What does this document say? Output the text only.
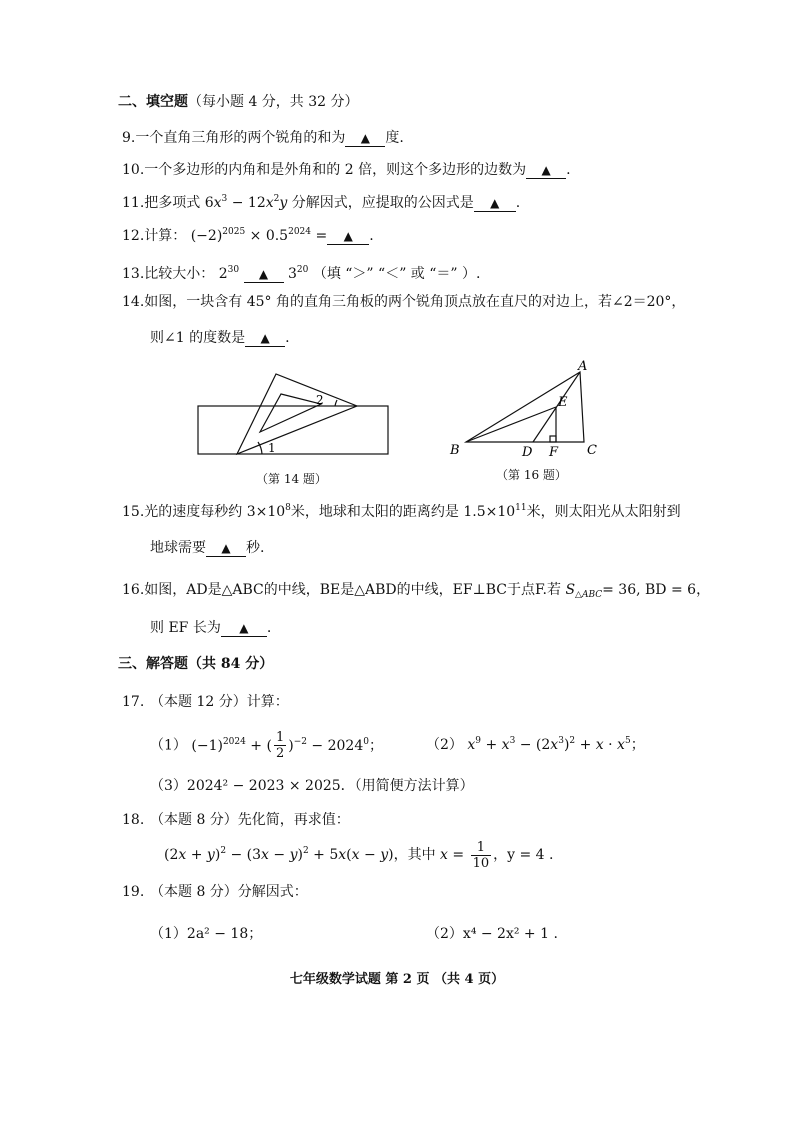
二、填空题（每小题 4 分，共 32 分）
9.一个直角三角形的两个锐角的和为 ▲ 度.
10.一个多边形的内角和是外角和的 2 倍，则这个多边形的边数为 ▲ .
11.把多项式 $6x^3 - 12x^2y$ 分解因式，应提取的公因式是 ▲ .
12.计算： $(-2)^{2025} \times 0.5^{2024}$ = ▲ .
13.比较大小： $2^{30}$ ▲ $3^{20}$ （填 “＞” “＜” 或 “＝” ）.
14.如图，一块含有 45° 角的直角三角板的两个锐角顶点放在直尺的对边上，若∠2＝20°，
则∠1 的度数是 ▲ .
1
2
（第 14 题）
A
B	C
D
E
F
（第 16 题）
15.光的速度每秒约 $3\times 10^8$米，地球和太阳的距离约是 $1.5\times 10^{11}$米，则太阳光从太阳射到
地球需要 ▲ 秒.
16.如图，AD是△ABC的中线，BE是△ABD的中线，EF⊥BC于点F.若 $S_{\triangle ABC}= 36$, BD = 6，
则 EF 长为 ▲ .
三、解答题（共 84 分）
17. （本题 12 分）计算：
（1） $(-1)^{2024}$ + ( $\frac{1}{2} )^{-2} - 2024^0$；	（2） $x^9 + x^3 - (2x^3)^2 + x \cdot x^5$；
（3）2024² − 2023 × 2025．（用简便方法计算）
18. （本题 8 分）先化简，再求值：
$(2x + y)^2 - (3x - y)^2 + 5x(x - y)$，其中 $x = \frac{1}{10}$ ，y = 4 .
19. （本题 8 分）分解因式：
（1）2a² − 18；	（2）x⁴ − 2x² + 1 .
七年级数学试题 第 2 页 （共 4 页）
